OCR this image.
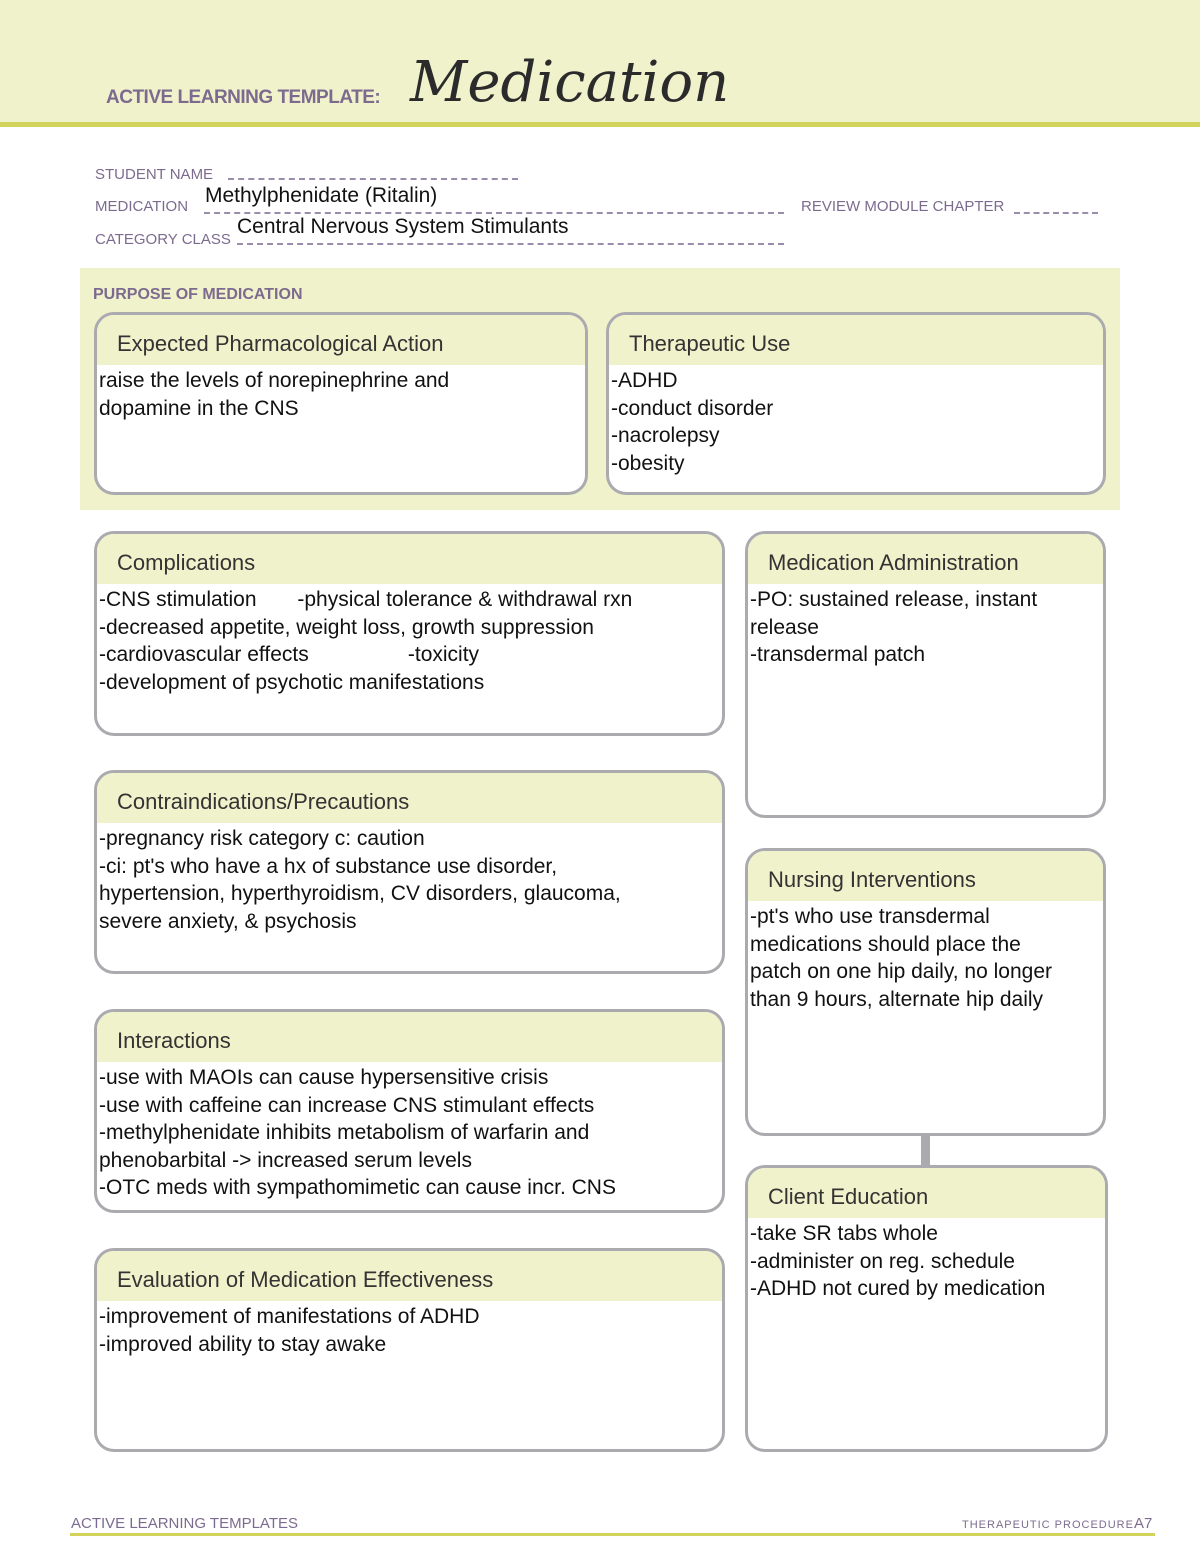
ACTIVE LEARNING TEMPLATE: Medication
STUDENT NAME
MEDICATION Methylphenidate (Ritalin)	REVIEW MODULE CHAPTER
CATEGORY CLASS
Central Nervous System Stimulants
PURPOSE OF MEDICATION
Expected Pharmacological Action
raise the levels of norepinephrine and
dopamine in the CNS
Therapeutic Use
-ADHD
-conduct disorder
-nacrolepsy
-obesity
Complications
-CNS stimulation       -physical tolerance & withdrawal rxn
-decreased appetite, weight loss, growth suppression
-cardiovascular effects                 -toxicity
-development of psychotic manifestations
Medication Administration
-PO: sustained release, instant
release
-transdermal patch
Contraindications/Precautions
-pregnancy risk category c: caution
-ci: pt's who have a hx of substance use disorder,
hypertension, hyperthyroidism, CV disorders, glaucoma,
severe anxiety, & psychosis
Nursing Interventions
-pt's who use transdermal
medications should place the
patch on one hip daily, no longer
than 9 hours, alternate hip daily
Interactions
-use with MAOIs can cause hypersensitive crisis
-use with caffeine can increase CNS stimulant effects
-methylphenidate inhibits metabolism of warfarin and
phenobarbital -> increased serum levels
-OTC meds with sympathomimetic can cause incr. CNS	Client Education
-take SR tabs whole
-administer on reg. schedule
-ADHD not cured by medication
Evaluation of Medication Effectiveness
-improvement of manifestations of ADHD
-improved ability to stay awake
ACTIVE LEARNING TEMPLATES	THERAPEUTIC PROCEDURE A7
